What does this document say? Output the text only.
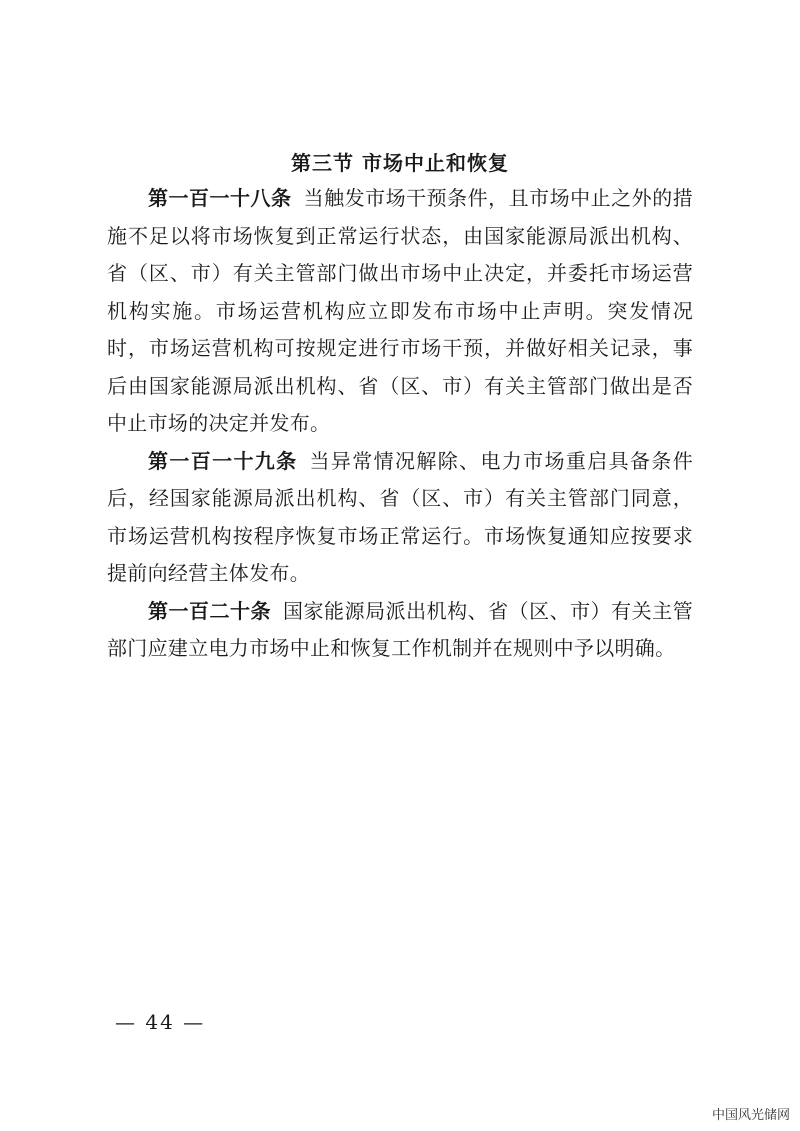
第三节 市场中止和恢复

第一百一十八条 当触发市场干预条件，且市场中止之外的措施不足以将市场恢复到正常运行状态，由国家能源局派出机构、省（区、市）有关主管部门做出市场中止决定，并委托市场运营机构实施。市场运营机构应立即发布市场中止声明。突发情况时，市场运营机构可按规定进行市场干预，并做好相关记录，事后由国家能源局派出机构、省（区、市）有关主管部门做出是否中止市场的决定并发布。

第一百一十九条 当异常情况解除、电力市场重启具备条件后，经国家能源局派出机构、省（区、市）有关主管部门同意，市场运营机构按程序恢复市场正常运行。市场恢复通知应按要求提前向经营主体发布。

第一百二十条 国家能源局派出机构、省（区、市）有关主管部门应建立电力市场中止和恢复工作机制并在规则中予以明确。

— 44 —
中国风光储网
